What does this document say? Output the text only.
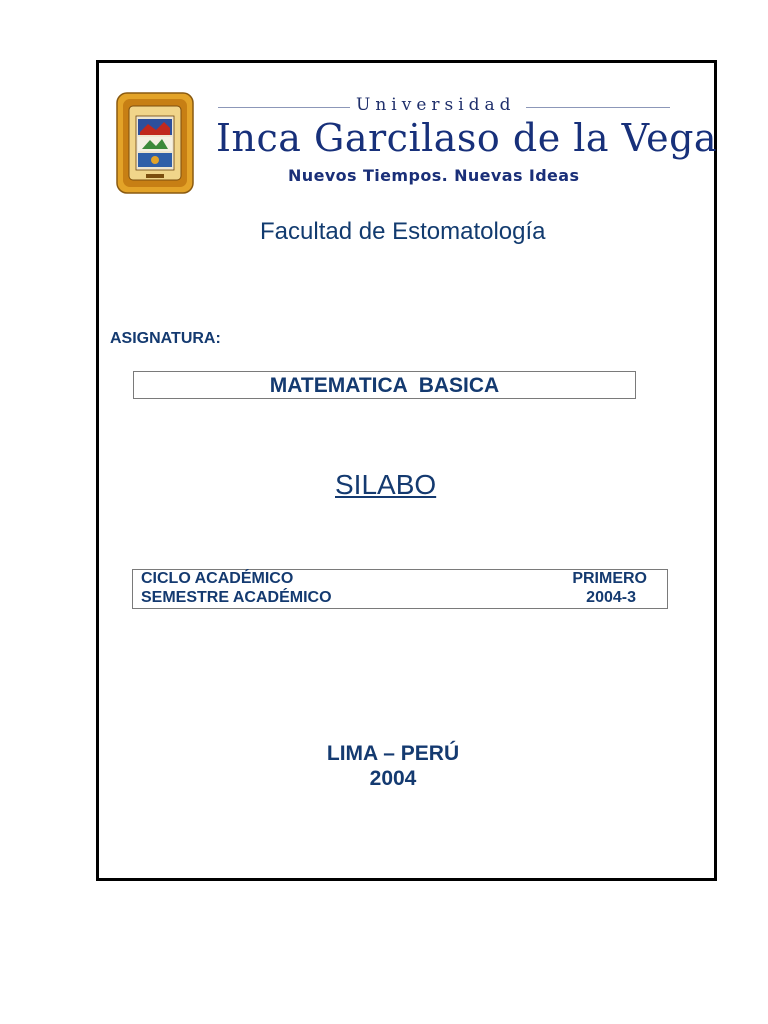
Universidad
Inca Garcilaso de la Vega
Nuevos Tiempos. Nuevas Ideas
Facultad de Estomatología
ASIGNATURA:
MATEMATICA  BASICA
SILABO
CICLO ACADÉMICO	PRIMERO
SEMESTRE ACADÉMICO	2004-3
LIMA – PERÚ
2004
